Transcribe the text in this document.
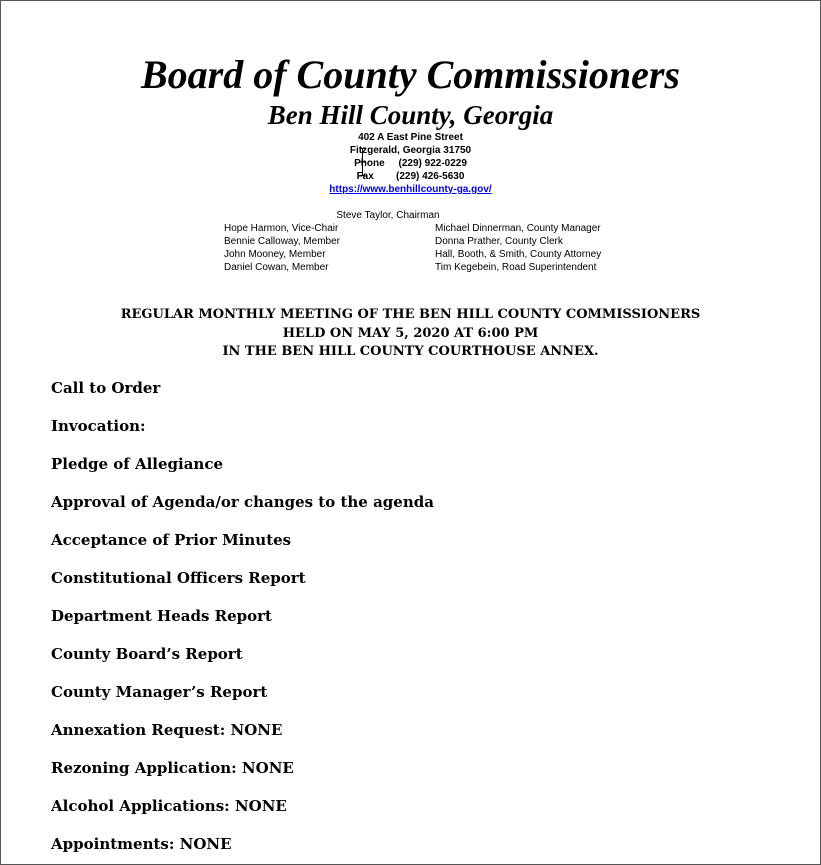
Board of County Commissioners
Ben Hill County, Georgia
402 A East Pine Street
Fitzgerald, Georgia 31750
Phone     (229) 922-0229
Fax        (229) 426-5630
https://www.benhillcounty-ga.gov/
Steve Taylor, Chairman
Hope Harmon, Vice-Chair
Bennie Calloway, Member
John Mooney, Member
Daniel Cowan, Member
Michael Dinnerman, County Manager
Donna Prather, County Clerk
Hall, Booth, & Smith, County Attorney
Tim Kegebein, Road Superintendent
REGULAR MONTHLY MEETING OF THE BEN HILL COUNTY COMMISSIONERS
HELD ON MAY 5, 2020 AT 6:00 PM
IN THE BEN HILL COUNTY COURTHOUSE ANNEX.
Call to Order
Invocation:
Pledge of Allegiance
Approval of Agenda/or changes to the agenda
Acceptance of Prior Minutes
Constitutional Officers Report
Department Heads Report
County Board’s Report
County Manager’s Report
Annexation Request: NONE
Rezoning Application: NONE
Alcohol Applications: NONE
Appointments: NONE
